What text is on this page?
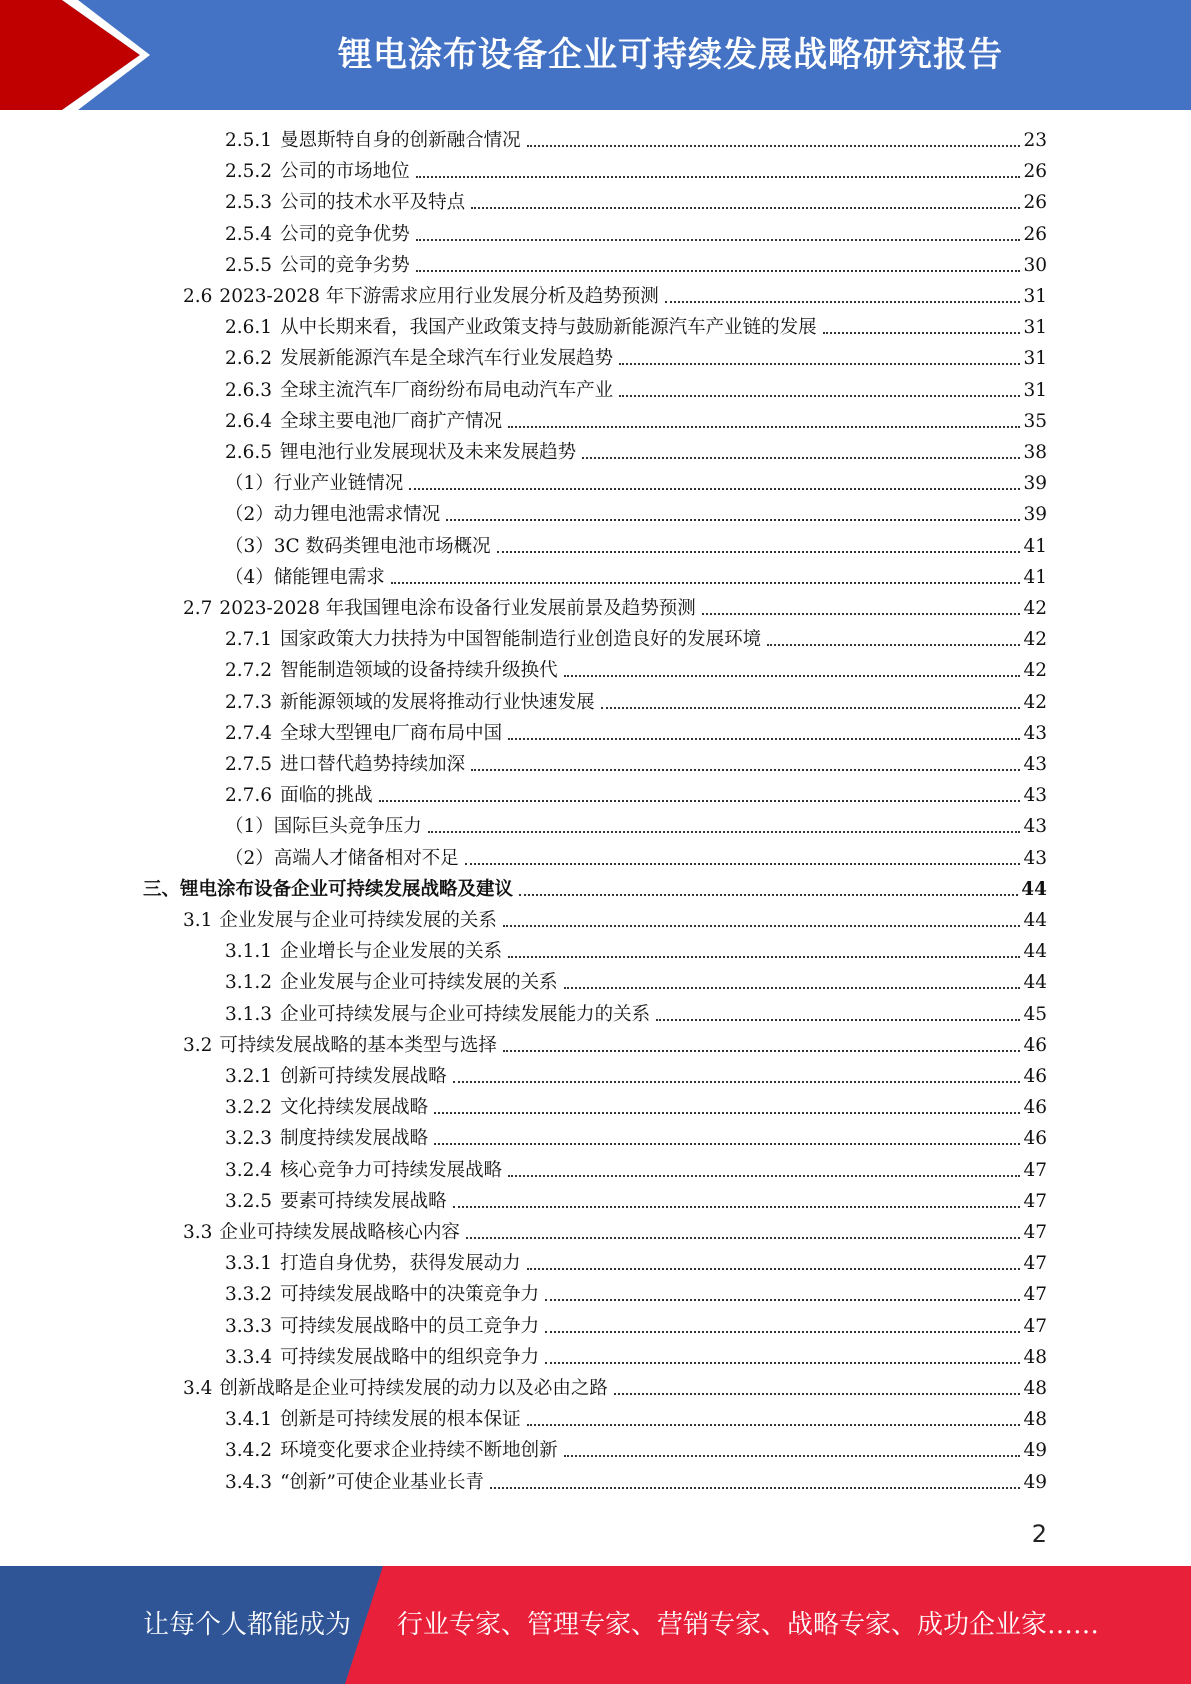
锂电涂布设备企业可持续发展战略研究报告
2.5.1 曼恩斯特自身的创新融合情况	23
2.5.2 公司的市场地位	26
2.5.3 公司的技术水平及特点	26
2.5.4 公司的竞争优势	26
2.5.5 公司的竞争劣势	30
2.6 2023-2028 年下游需求应用行业发展分析及趋势预测	31
2.6.1 从中长期来看，我国产业政策支持与鼓励新能源汽车产业链的发展	31
2.6.2 发展新能源汽车是全球汽车行业发展趋势	31
2.6.3 全球主流汽车厂商纷纷布局电动汽车产业	31
2.6.4 全球主要电池厂商扩产情况	35
2.6.5 锂电池行业发展现状及未来发展趋势	38
（1） 行业产业链情况	39
（2） 动力锂电池需求情况	39
（3） 3C 数码类锂电池市场概况	41
（4） 储能锂电需求	41
2.7 2023-2028 年我国锂电涂布设备行业发展前景及趋势预测	42
2.7.1 国家政策大力扶持为中国智能制造行业创造良好的发展环境	42
2.7.2 智能制造领域的设备持续升级换代	42
2.7.3 新能源领域的发展将推动行业快速发展	42
2.7.4 全球大型锂电厂商布局中国	43
2.7.5 进口替代趋势持续加深	43
2.7.6 面临的挑战	43
（1） 国际巨头竞争压力	43
（2） 高端人才储备相对不足	43
三、 锂电涂布设备企业可持续发展战略及建议	44
3.1 企业发展与企业可持续发展的关系	44
3.1.1 企业增长与企业发展的关系	44
3.1.2 企业发展与企业可持续发展的关系	44
3.1.3 企业可持续发展与企业可持续发展能力的关系	45
3.2 可持续发展战略的基本类型与选择	46
3.2.1 创新可持续发展战略	46
3.2.2 文化持续发展战略	46
3.2.3 制度持续发展战略	46
3.2.4 核心竞争力可持续发展战略	47
3.2.5 要素可持续发展战略	47
3.3 企业可持续发展战略核心内容	47
3.3.1 打造自身优势，获得发展动力	47
3.3.2 可持续发展战略中的决策竞争力	47
3.3.3 可持续发展战略中的员工竞争力	47
3.3.4 可持续发展战略中的组织竞争力	48
3.4 创新战略是企业可持续发展的动力以及必由之路	48
3.4.1 创新是可持续发展的根本保证	48
3.4.2 环境变化要求企业持续不断地创新	49
3.4.3 “创新”可使企业基业长青	49
2
让每个人都能成为 行业专家、管理专家、营销专家、战略专家、成功企业家……
